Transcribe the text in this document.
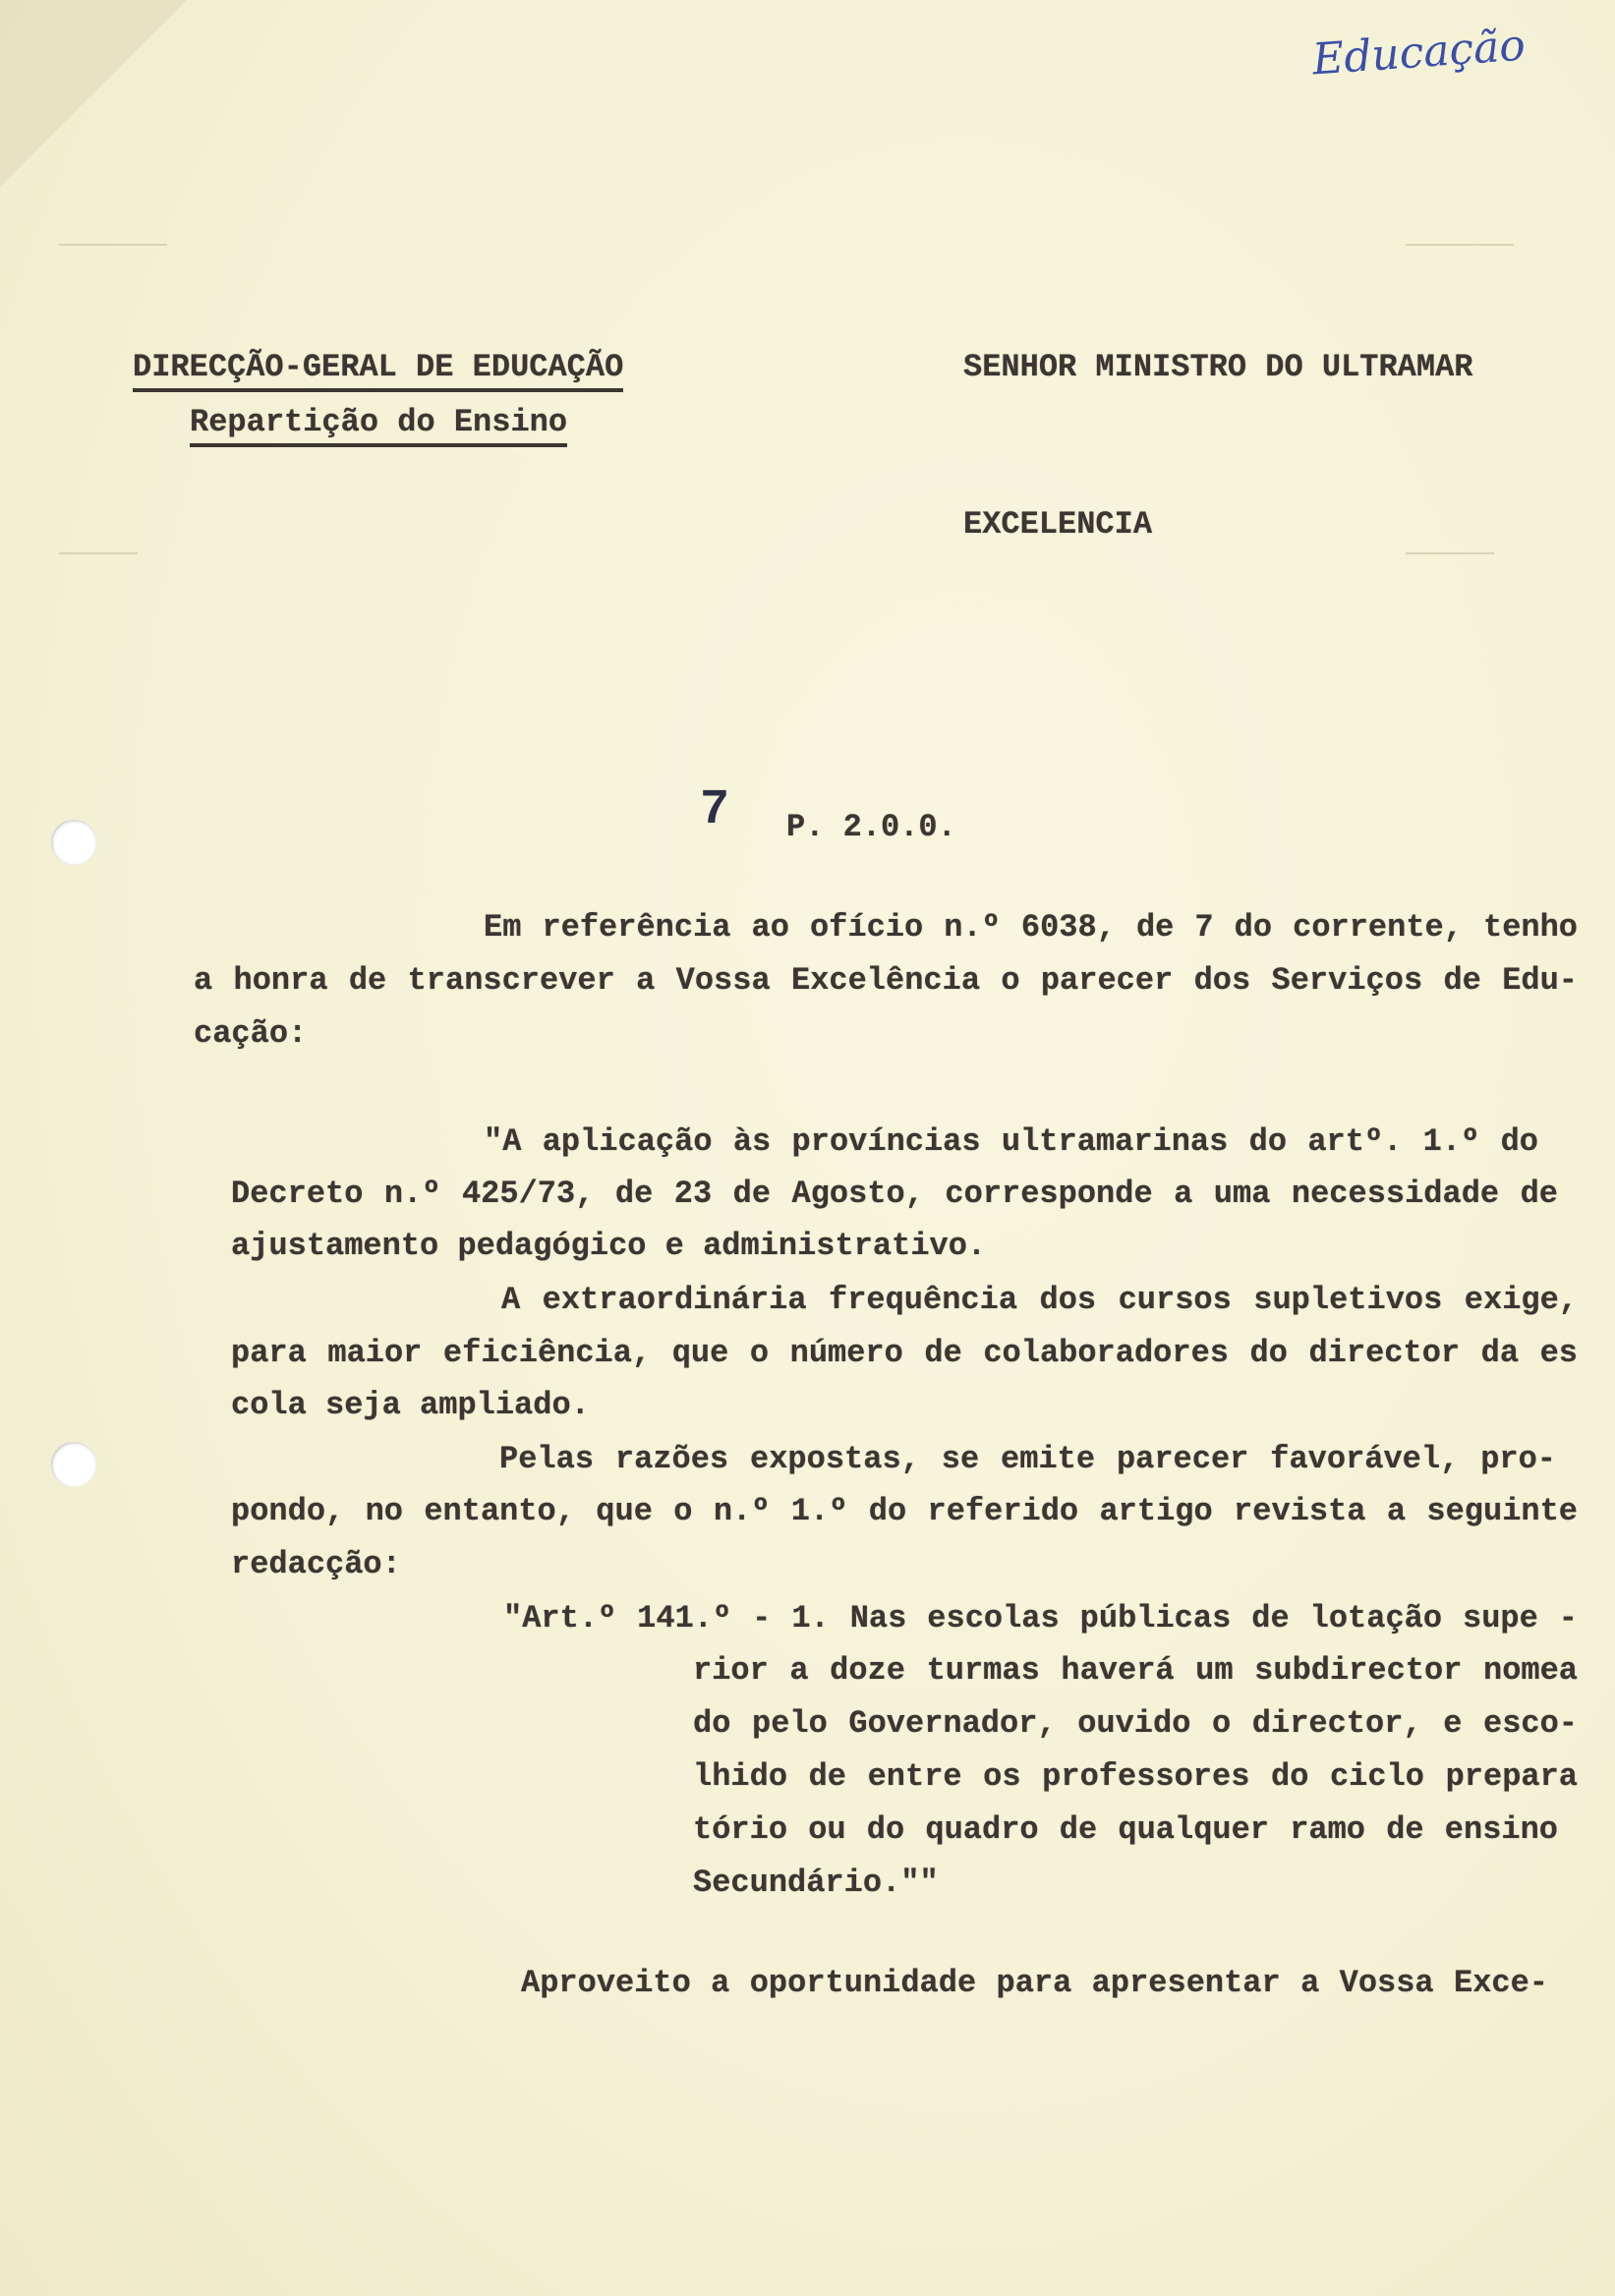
Educação
DIRECÇÃO-GERAL DE EDUCAÇÃO
Repartição do Ensino
SENHOR MINISTRO DO ULTRAMAR
EXCELENCIA
7 P. 2.0.0.
Em referência ao ofício n.º 6038, de 7 do corrente, tenho
a honra de transcrever a Vossa Excelência o parecer dos Serviços de Edu-
cação:
"A aplicação às províncias ultramarinas do artº. 1.º do
Decreto n.º 425/73, de 23 de Agosto, corresponde a uma necessidade de
ajustamento pedagógico e administrativo.
A extraordinária frequência dos cursos supletivos exige,
para maior eficiência, que o número de colaboradores do director da es
cola seja ampliado.
Pelas razões expostas, se emite parecer favorável, pro-
pondo, no entanto, que o n.º 1.º do referido artigo revista a seguinte
redacção:
"Art.º 141.º - 1. Nas escolas públicas de lotação supe -
rior a doze turmas haverá um subdirector nomea
do pelo Governador, ouvido o director, e esco-
lhido de entre os professores do ciclo prepara
tório ou do quadro de qualquer ramo de ensino
Secundário.""
Aproveito a oportunidade para apresentar a Vossa Exce-
